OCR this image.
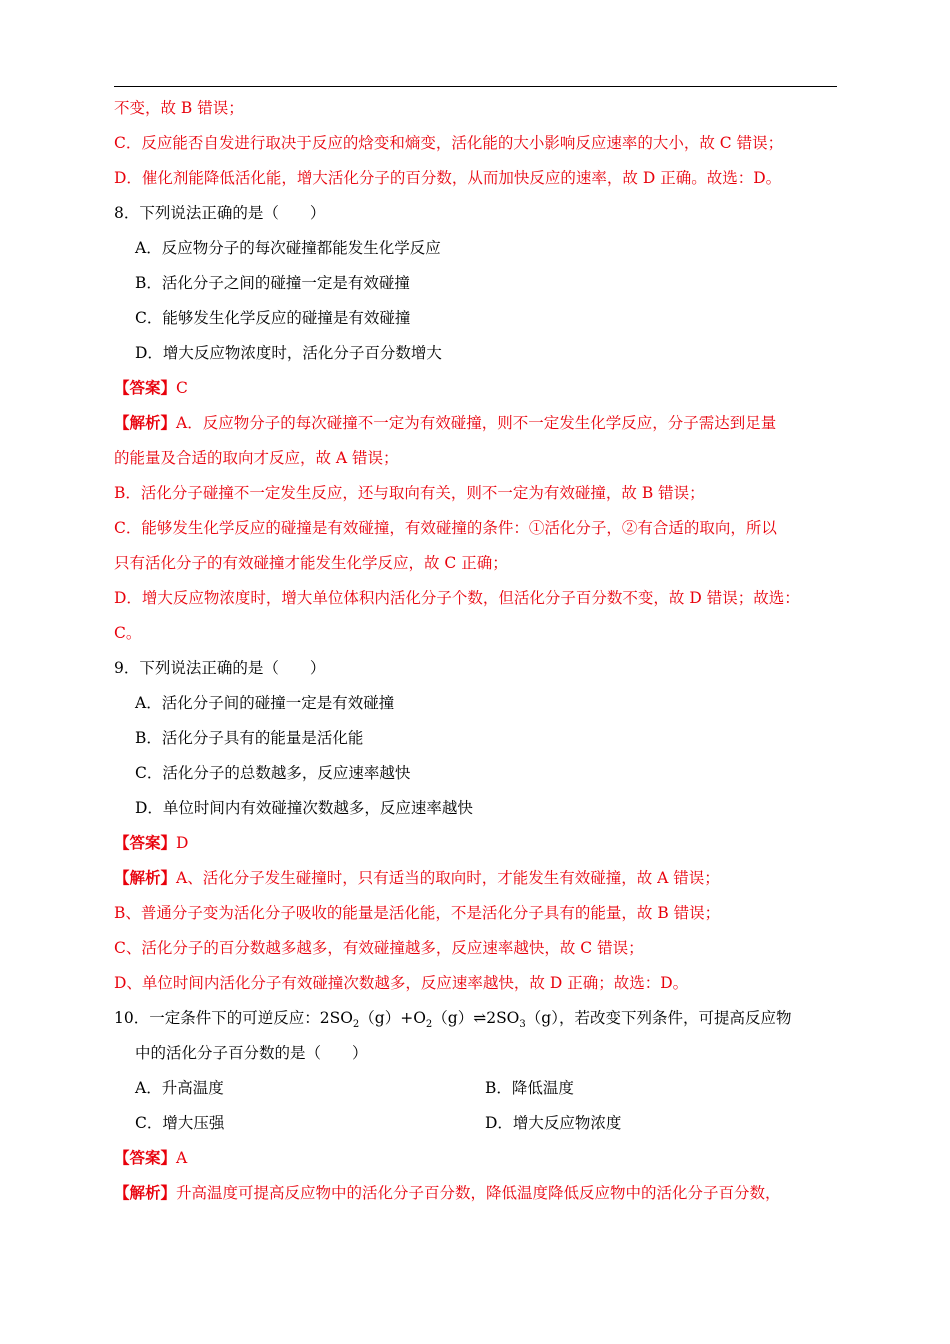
不变，故 B 错误；
C．反应能否自发进行取决于反应的焓变和熵变，活化能的大小影响反应速率的大小，故 C 错误；
D．催化剂能降低活化能，增大活化分子的百分数，从而加快反应的速率，故 D 正确。故选：D。
8．下列说法正确的是（　　）
A．反应物分子的每次碰撞都能发生化学反应
B．活化分子之间的碰撞一定是有效碰撞
C．能够发生化学反应的碰撞是有效碰撞
D．增大反应物浓度时，活化分子百分数增大
【答案】C
【解析】A．反应物分子的每次碰撞不一定为有效碰撞，则不一定发生化学反应，分子需达到足量
的能量及合适的取向才反应，故 A 错误；
B．活化分子碰撞不一定发生反应，还与取向有关，则不一定为有效碰撞，故 B 错误；
C．能够发生化学反应的碰撞是有效碰撞，有效碰撞的条件：①活化分子，②有合适的取向，所以
只有活化分子的有效碰撞才能发生化学反应，故 C 正确；
D．增大反应物浓度时，增大单位体积内活化分子个数，但活化分子百分数不变，故 D 错误；故选：
C。
9．下列说法正确的是（　　）
A．活化分子间的碰撞一定是有效碰撞
B．活化分子具有的能量是活化能
C．活化分子的总数越多，反应速率越快
D．单位时间内有效碰撞次数越多，反应速率越快
【答案】D
【解析】A、活化分子发生碰撞时，只有适当的取向时，才能发生有效碰撞，故 A 错误；
B、普通分子变为活化分子吸收的能量是活化能，不是活化分子具有的能量，故 B 错误；
C、活化分子的百分数越多越多，有效碰撞越多，反应速率越快，故 C 错误；
D、单位时间内活化分子有效碰撞次数越多，反应速率越快，故 D 正确；故选：D。
10．一定条件下的可逆反应：$2SO_2(g)+O_2(g)\rightleftharpoons 2SO_3(g)$，若改变下列条件，可提高反应物
中的活化分子百分数的是（　　）
A．升高温度	B．降低温度
C．增大压强	D．增大反应物浓度
【答案】A
【解析】升高温度可提高反应物中的活化分子百分数，降低温度降低反应物中的活化分子百分数，
